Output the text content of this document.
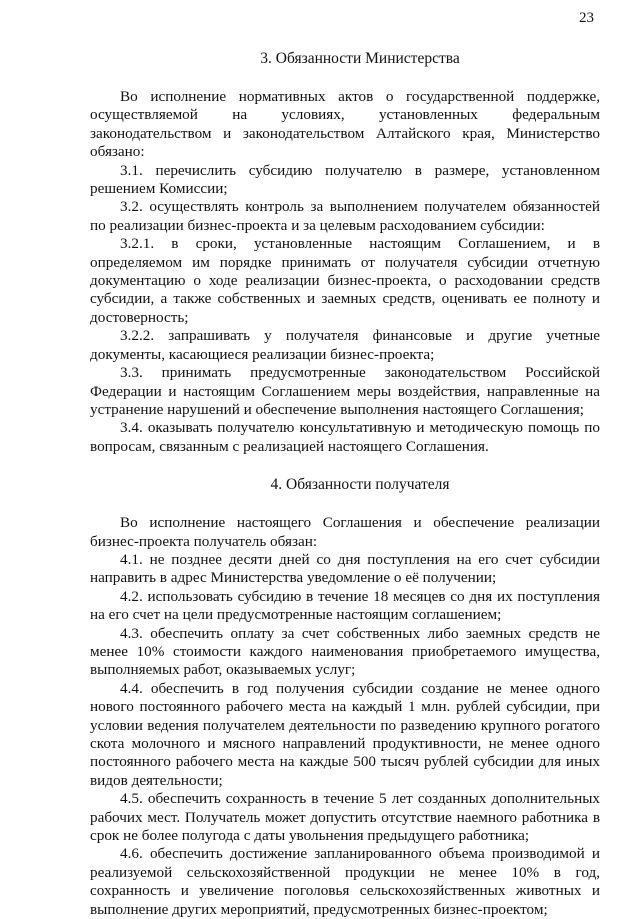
23
3. Обязанности Министерства

Во исполнение нормативных актов о государственной поддержке, осуществляемой на условиях, установленных федеральным законодательством и законодательством Алтайского края, Министерство обязано:

3.1. перечислить субсидию получателю в размере, установленном решением Комиссии;

3.2. осуществлять контроль за выполнением получателем обязанностей по реализации бизнес-проекта и за целевым расходованием субсидии:

3.2.1. в сроки, установленные настоящим Соглашением, и в определяемом им порядке принимать от получателя субсидии отчетную документацию о ходе реализации бизнес-проекта, о расходовании средств субсидии, а также собственных и заемных средств, оценивать ее полноту и достоверность;

3.2.2. запрашивать у получателя финансовые и другие учетные документы, касающиеся реализации бизнес-проекта;

3.3. принимать предусмотренные законодательством Российской Федерации и настоящим Соглашением меры воздействия, направленные на устранение нарушений и обеспечение выполнения настоящего Соглашения;

3.4. оказывать получателю консультативную и методическую помощь по вопросам, связанным с реализацией настоящего Соглашения.

4. Обязанности получателя

Во исполнение настоящего Соглашения и обеспечение реализации бизнес-проекта получатель обязан:

4.1. не позднее десяти дней со дня поступления на его счет субсидии направить в адрес Министерства уведомление о её получении;

4.2. использовать субсидию в течение 18 месяцев со дня их поступления на его счет на цели предусмотренные настоящим соглашением;

4.3. обеспечить оплату за счет собственных либо заемных средств не менее 10% стоимости каждого наименования приобретаемого имущества, выполняемых работ, оказываемых услуг;

4.4. обеспечить в год получения субсидии создание не менее одного нового постоянного рабочего места на каждый 1 млн. рублей субсидии, при условии ведения получателем деятельности по разведению крупного рогатого скота молочного и мясного направлений продуктивности, не менее одного постоянного рабочего места на каждые 500 тысяч рублей субсидии для иных видов деятельности;

4.5. обеспечить сохранность в течение 5 лет созданных дополнительных рабочих мест. Получатель может допустить отсутствие наемного работника в срок не более полугода с даты увольнения предыдущего работника;

4.6. обеспечить достижение запланированного объема производимой и реализуемой сельскохозяйственной продукции не менее 10% в год, сохранность и увеличение поголовья сельскохозяйственных животных и выполнение других мероприятий, предусмотренных бизнес-проектом;
